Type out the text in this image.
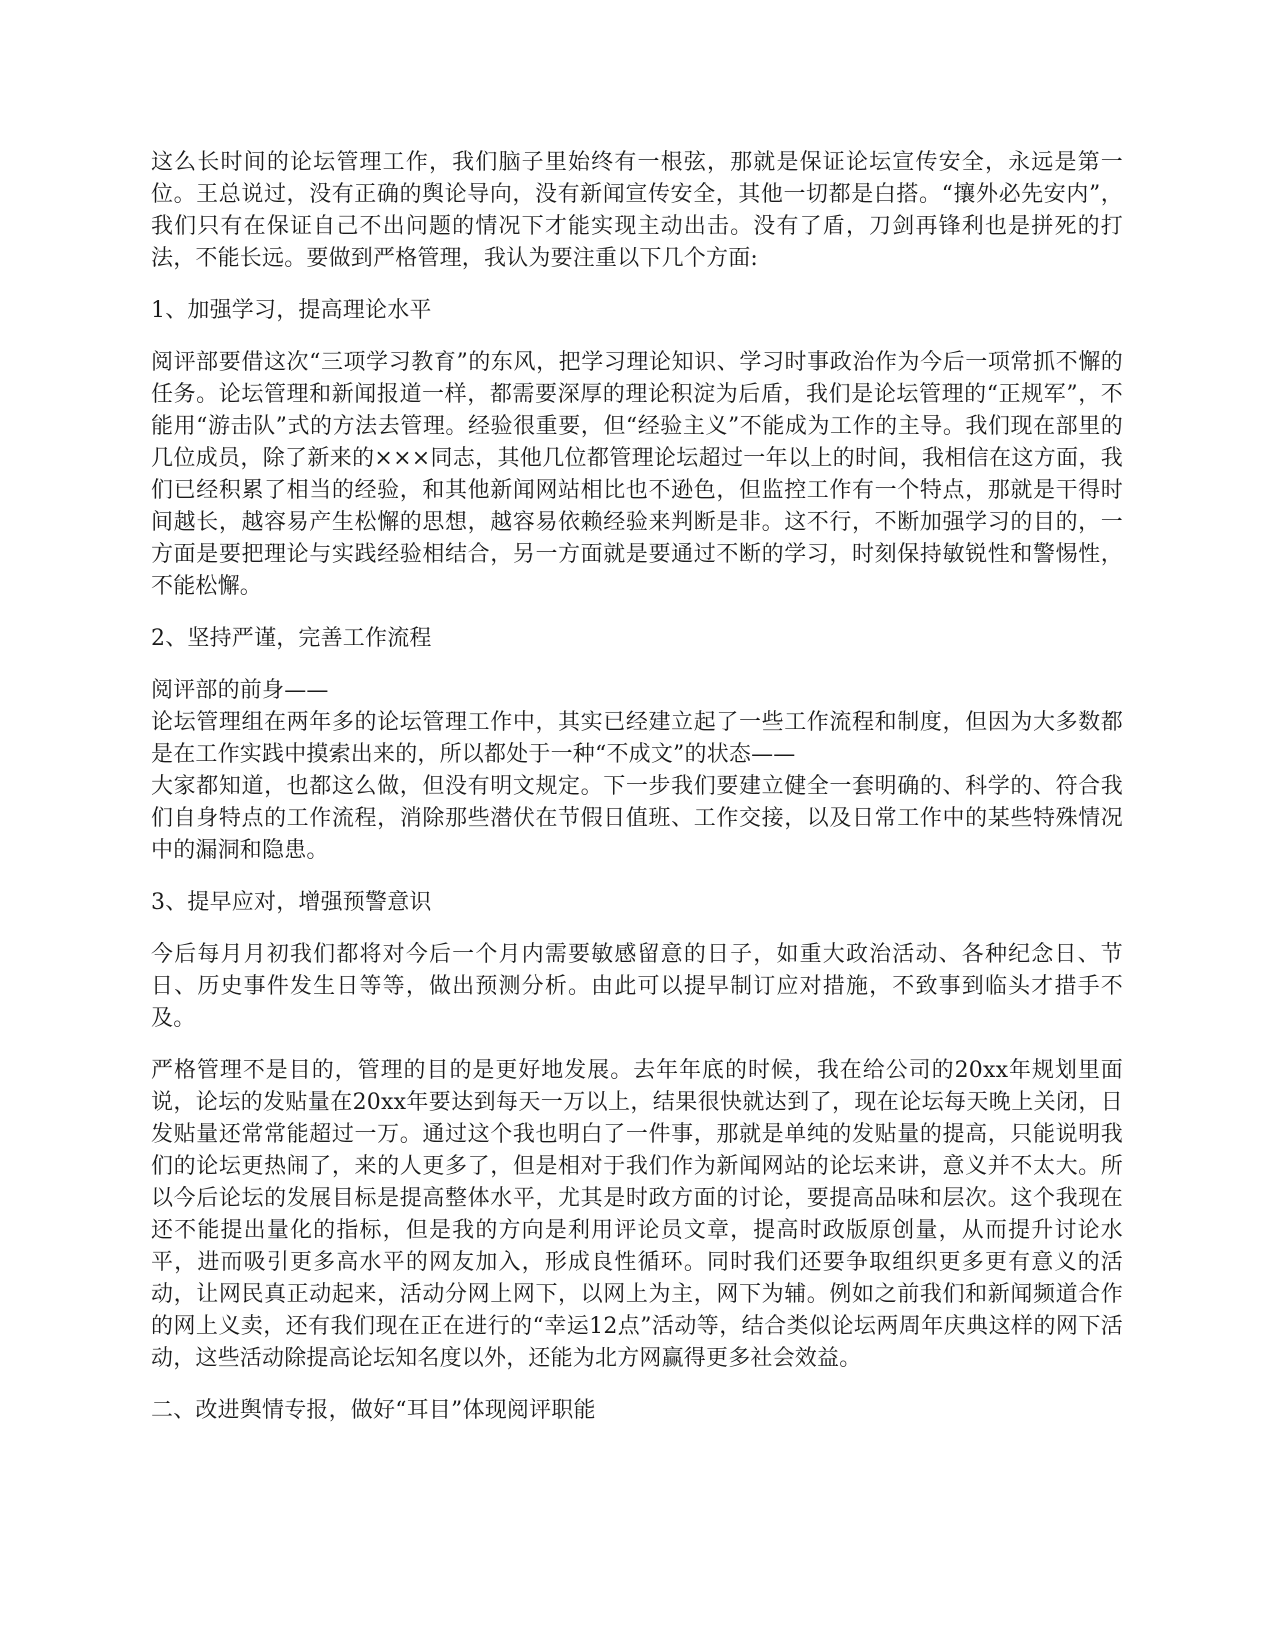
这么长时间的论坛管理工作，我们脑子里始终有一根弦，那就是保证论坛宣传安全，永远是第一位。王总说过，没有正确的舆论导向，没有新闻宣传安全，其他一切都是白搭。“攘外必先安内”，我们只有在保证自己不出问题的情况下才能实现主动出击。没有了盾，刀剑再锋利也是拼死的打法，不能长远。要做到严格管理，我认为要注重以下几个方面:

1、加强学习，提高理论水平

阅评部要借这次“三项学习教育”的东风，把学习理论知识、学习时事政治作为今后一项常抓不懈的任务。论坛管理和新闻报道一样，都需要深厚的理论积淀为后盾，我们是论坛管理的“正规军”，不能用“游击队”式的方法去管理。经验很重要，但“经验主义”不能成为工作的主导。我们现在部里的几位成员，除了新来的×××同志，其他几位都管理论坛超过一年以上的时间，我相信在这方面，我们已经积累了相当的经验，和其他新闻网站相比也不逊色，但监控工作有一个特点，那就是干得时间越长，越容易产生松懈的思想，越容易依赖经验来判断是非。这不行，不断加强学习的目的，一方面是要把理论与实践经验相结合，另一方面就是要通过不断的学习，时刻保持敏锐性和警惕性，不能松懈。

2、坚持严谨，完善工作流程

阅评部的前身——
论坛管理组在两年多的论坛管理工作中，其实已经建立起了一些工作流程和制度，但因为大多数都是在工作实践中摸索出来的，所以都处于一种“不成文”的状态——
大家都知道，也都这么做，但没有明文规定。下一步我们要建立健全一套明确的、科学的、符合我们自身特点的工作流程，消除那些潜伏在节假日值班、工作交接，以及日常工作中的某些特殊情况中的漏洞和隐患。

3、提早应对，增强预警意识

今后每月月初我们都将对今后一个月内需要敏感留意的日子，如重大政治活动、各种纪念日、节日、历史事件发生日等等，做出预测分析。由此可以提早制订应对措施，不致事到临头才措手不及。

严格管理不是目的，管理的目的是更好地发展。去年年底的时候，我在给公司的20xx年规划里面说，论坛的发贴量在20xx年要达到每天一万以上，结果很快就达到了，现在论坛每天晚上关闭，日发贴量还常常能超过一万。通过这个我也明白了一件事，那就是单纯的发贴量的提高，只能说明我们的论坛更热闹了，来的人更多了，但是相对于我们作为新闻网站的论坛来讲，意义并不太大。所以今后论坛的发展目标是提高整体水平，尤其是时政方面的讨论，要提高品味和层次。这个我现在还不能提出量化的指标，但是我的方向是利用评论员文章，提高时政版原创量，从而提升讨论水平，进而吸引更多高水平的网友加入，形成良性循环。同时我们还要争取组织更多更有意义的活动，让网民真正动起来，活动分网上网下，以网上为主，网下为辅。例如之前我们和新闻频道合作的网上义卖，还有我们现在正在进行的“幸运12点”活动等，结合类似论坛两周年庆典这样的网下活动，这些活动除提高论坛知名度以外，还能为北方网赢得更多社会效益。

二、改进舆情专报，做好“耳目”体现阅评职能
